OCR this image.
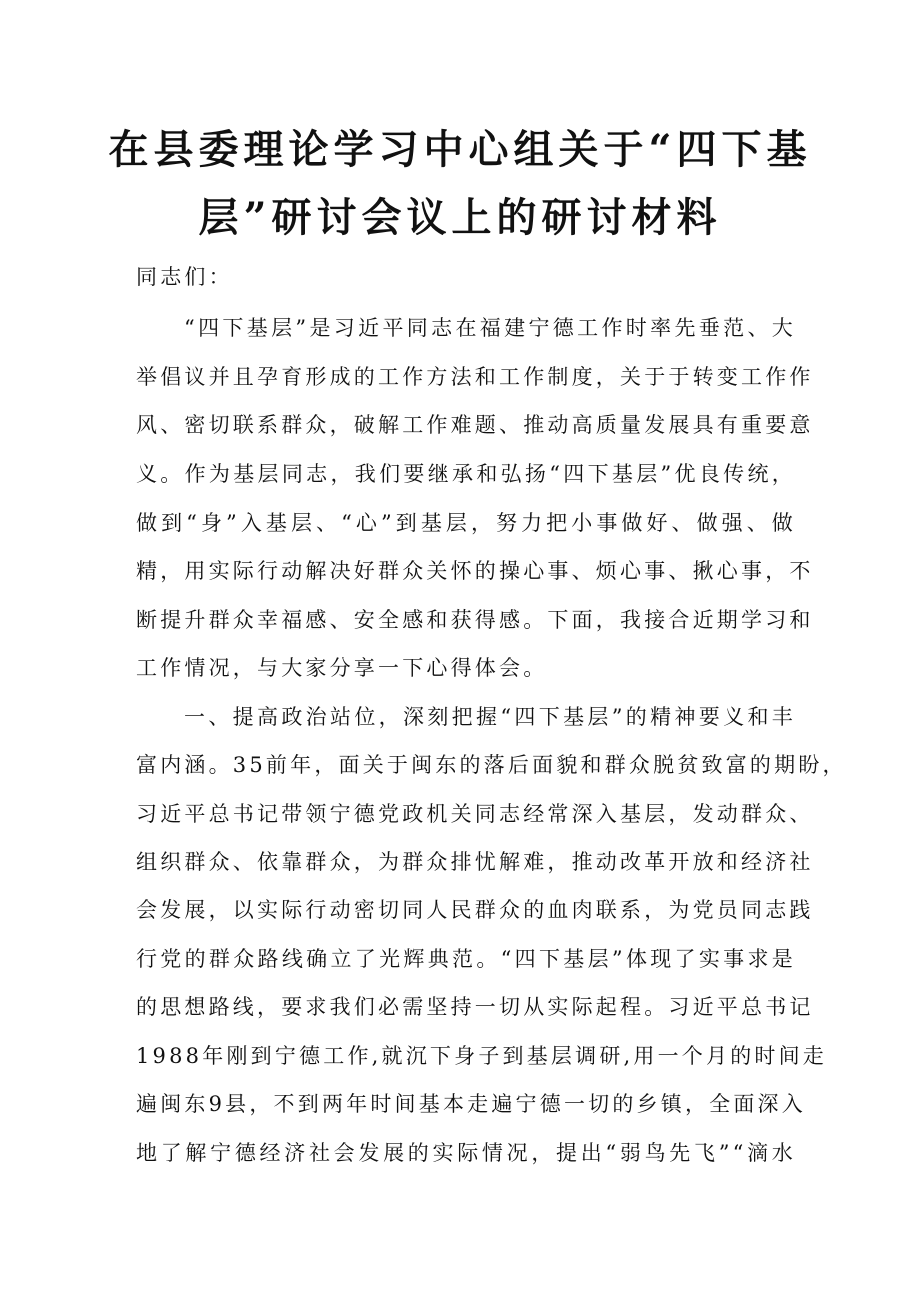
在县委理论学习中心组关于“四下基
层”研讨会议上的研讨材料

同志们：

“四下基层”是习近平同志在福建宁德工作时率先垂范、大

举倡议并且孕育形成的工作方法和工作制度，关于于转变工作作

风、密切联系群众，破解工作难题、推动高质量发展具有重要意

义。作为基层同志，我们要继承和弘扬“四下基层”优良传统，

做到“身”入基层、“心”到基层，努力把小事做好、做强、做

精，用实际行动解决好群众关怀的操心事、烦心事、揪心事，不

断提升群众幸福感、安全感和获得感。下面，我接合近期学习和

工作情况，与大家分享一下心得体会。

一、提高政治站位，深刻把握“四下基层”的精神要义和丰

富内涵。35前年，面关于闽东的落后面貌和群众脱贫致富的期盼，

习近平总书记带领宁德党政机关同志经常深入基层，发动群众、

组织群众、依靠群众，为群众排忧解难，推动改革开放和经济社

会发展，以实际行动密切同人民群众的血肉联系，为党员同志践

行党的群众路线确立了光辉典范。“四下基层”体现了实事求是

的思想路线，要求我们必需坚持一切从实际起程。习近平总书记

1988年刚到宁德工作,就沉下身子到基层调研,用一个月的时间走

遍闽东9县，不到两年时间基本走遍宁德一切的乡镇，全面深入

地了解宁德经济社会发展的实际情况，提出“弱鸟先飞”“滴水
